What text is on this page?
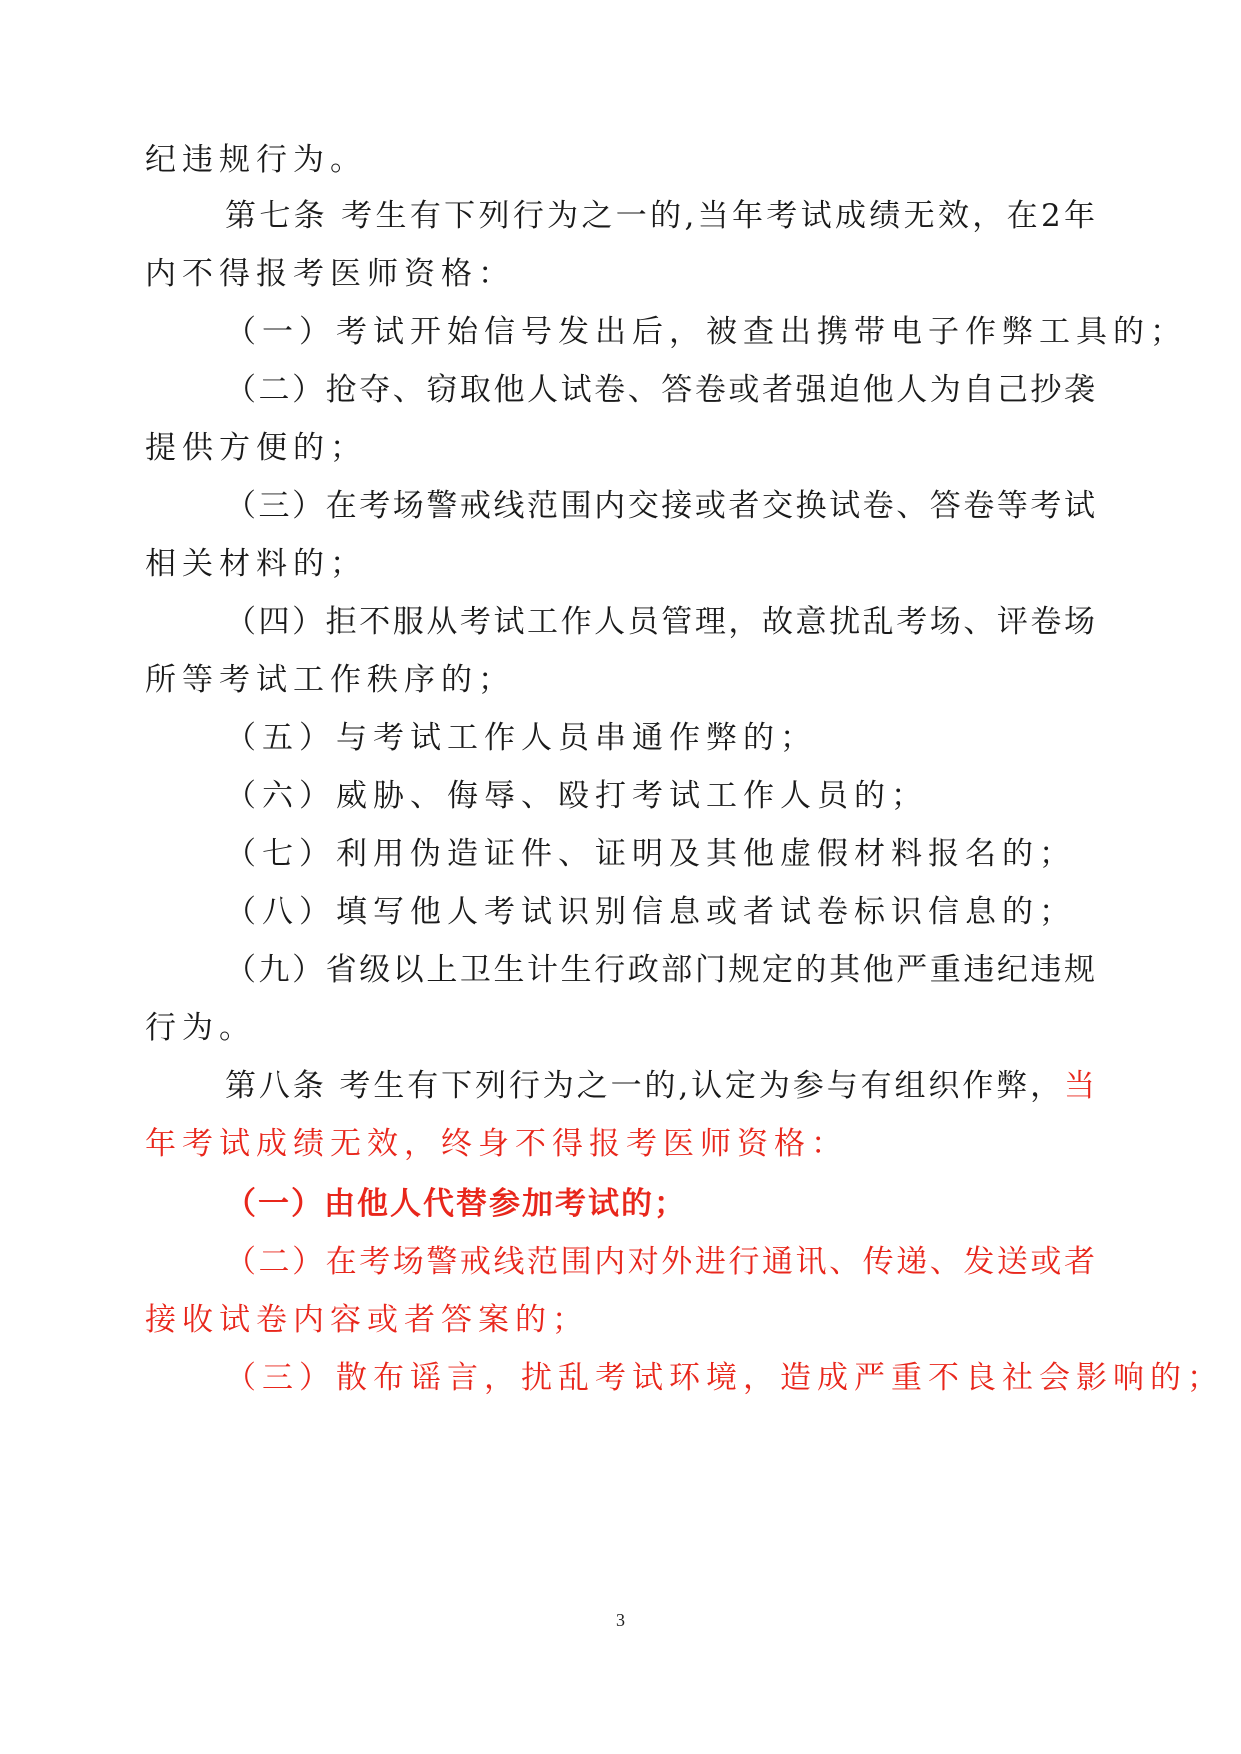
纪违规行为。
第七条 考生有下列行为之一的,当年考试成绩无效，在2年
内不得报考医师资格：
（一）考试开始信号发出后，被查出携带电子作弊工具的；
（二）抢夺、窃取他人试卷、答卷或者强迫他人为自己抄袭
提供方便的；
（三）在考场警戒线范围内交接或者交换试卷、答卷等考试
相关材料的；
（四）拒不服从考试工作人员管理，故意扰乱考场、评卷场
所等考试工作秩序的；
（五）与考试工作人员串通作弊的；
（六）威胁、侮辱、殴打考试工作人员的；
（七）利用伪造证件、证明及其他虚假材料报名的；
（八）填写他人考试识别信息或者试卷标识信息的；
（九）省级以上卫生计生行政部门规定的其他严重违纪违规
行为。
第八条 考生有下列行为之一的,认定为参与有组织作弊，当
年考试成绩无效，终身不得报考医师资格：
（一）由他人代替参加考试的；
（二）在考场警戒线范围内对外进行通讯、传递、发送或者
接收试卷内容或者答案的；
（三）散布谣言，扰乱考试环境，造成严重不良社会影响的；
3
